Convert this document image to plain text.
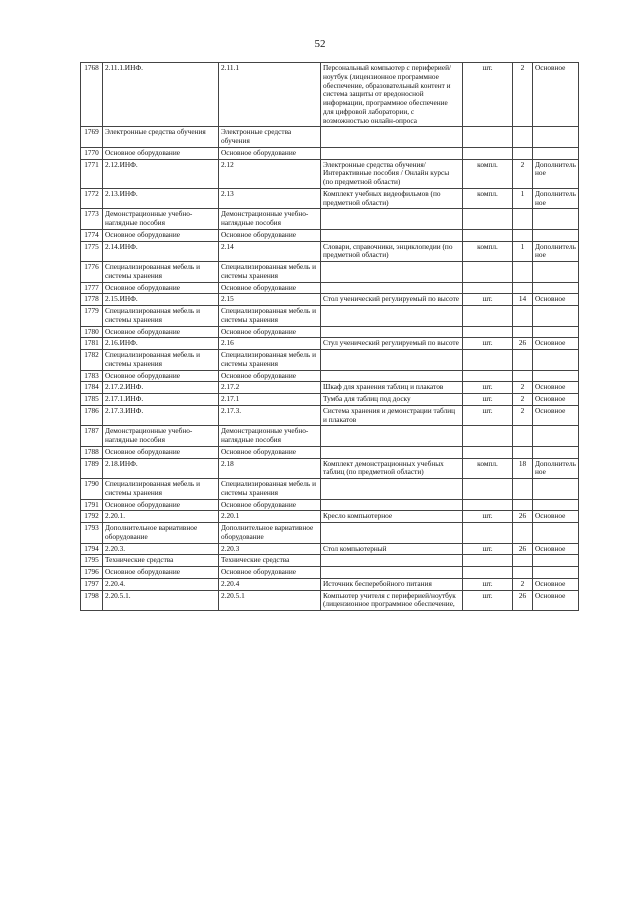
52
1768	2.11.1.ИНФ.	2.11.1	Персональный компьютер с периферией/ноутбук (лицензионное программное обеспечение, образовательный контент и система защиты от вредоносной информации, программное обеспечение для цифровой лаборатории, с возможностью онлайн-опроса	шт.	2	Основное
1769	Электронные средства обучения	Электронные средства обучения				
1770	Основное оборудование	Основное оборудование				
1771	2.12.ИНФ.	2.12	Электронные средства обучения/Интерактивные пособия / Онлайн курсы (по предметной области)	компл.	2	Дополнительное
1772	2.13.ИНФ.	2.13	Комплект учебных видеофильмов (по предметной области)	компл.	1	Дополнительное
1773	Демонстрационные учебно-наглядные пособия	Демонстрационные учебно-наглядные пособия				
1774	Основное оборудование	Основное оборудование				
1775	2.14.ИНФ.	2.14	Словари, справочники, энциклопедии (по предметной области)	компл.	1	Дополнительное
1776	Специализированная мебель и системы хранения	Специализированная мебель и системы хранения				
1777	Основное оборудование	Основное оборудование				
1778	2.15.ИНФ.	2.15	Стол ученический регулируемый по высоте	шт.	14	Основное
1779	Специализированная мебель и системы хранения	Специализированная мебель и системы хранения				
1780	Основное оборудование	Основное оборудование				
1781	2.16.ИНФ.	2.16	Стул ученический регулируемый по высоте	шт.	26	Основное
1782	Специализированная мебель и системы хранения	Специализированная мебель и системы хранения				
1783	Основное оборудование	Основное оборудование				
1784	2.17.2.ИНФ.	2.17.2	Шкаф для хранения таблиц и плакатов	шт.	2	Основное
1785	2.17.1.ИНФ.	2.17.1	Тумба для таблиц под доску	шт.	2	Основное
1786	2.17.3.ИНФ.	2.17.3.	Система хранения и демонстрации таблиц и плакатов	шт.	2	Основное
1787	Демонстрационные учебно-наглядные пособия	Демонстрационные учебно-наглядные пособия				
1788	Основное оборудование	Основное оборудование				
1789	2.18.ИНФ.	2.18	Комплект демонстрационных учебных таблиц (по предметной области)	компл.	18	Дополнительное
1790	Специализированная мебель и системы хранения	Специализированная мебель и системы хранения				
1791	Основное оборудование	Основное оборудование				
1792	2.20.1.	2.20.1	Кресло компьютерное	шт.	26	Основное
1793	Дополнительное вариативное оборудование	Дополнительное вариативное оборудование				
1794	2.20.3.	2.20.3	Стол компьютерный	шт.	26	Основное
1795	Технические средства	Технические средства				
1796	Основное оборудование	Основное оборудование				
1797	2.20.4.	2.20.4	Источник бесперебойного питания	шт.	2	Основное
1798	2.20.5.1.	2.20.5.1	Компьютер учителя с периферией/ноутбук (лицензионное программное обеспечение,	шт.	26	Основное
